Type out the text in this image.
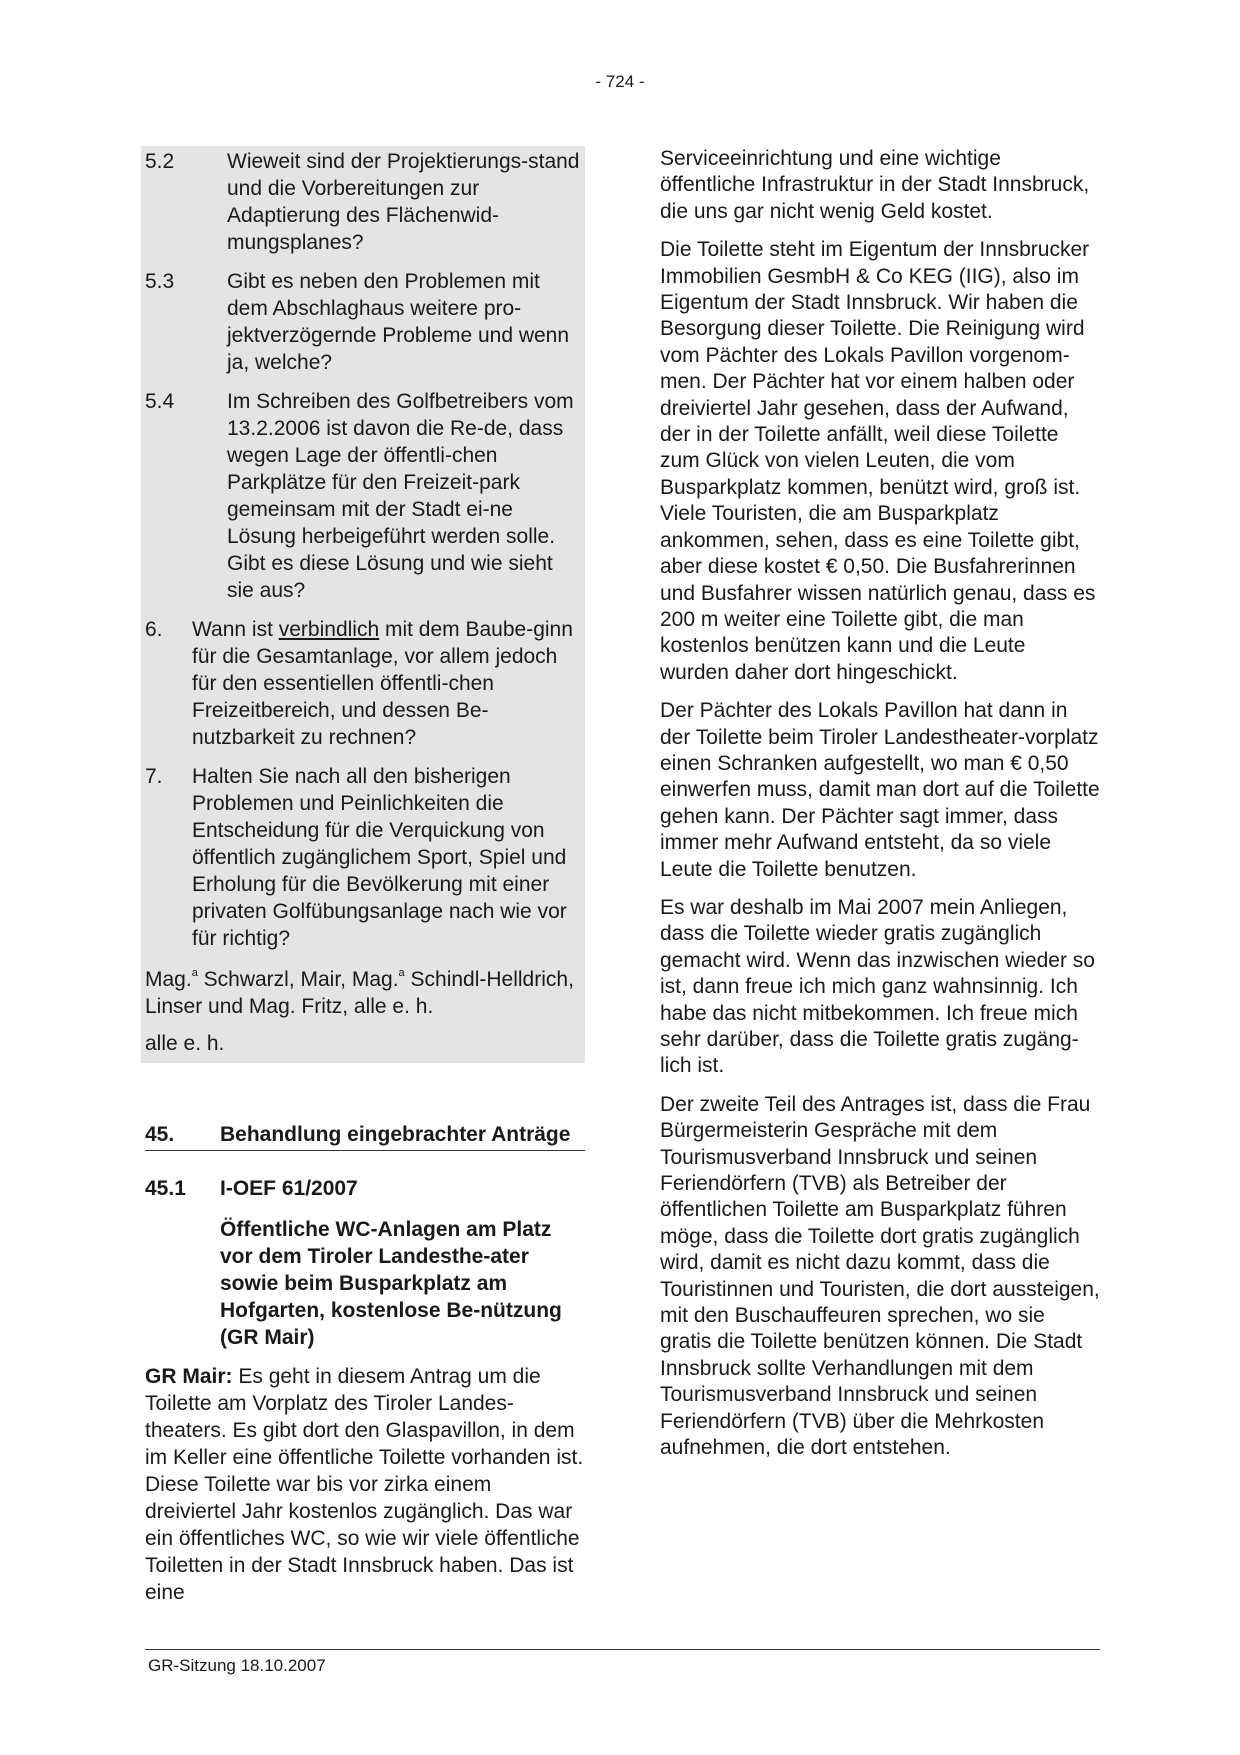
- 724 -
5.2	Wieweit sind der Projektierungs-stand und die Vorbereitungen zur Adaptierung des Flächenwid-mungsplanes?
5.3	Gibt es neben den Problemen mit dem Abschlaghaus weitere pro-jektverzögernde Probleme und wenn ja, welche?
5.4	Im Schreiben des Golfbetreibers vom 13.2.2006 ist davon die Re-de, dass wegen Lage der öffentli-chen Parkplätze für den Freizeit-park gemeinsam mit der Stadt ei-ne Lösung herbeigeführt werden solle. Gibt es diese Lösung und wie sieht sie aus?
6.	Wann ist verbindlich mit dem Baube-ginn für die Gesamtanlage, vor allem jedoch für den essentiellen öffentli-chen Freizeitbereich, und dessen Be-nutzbarkeit zu rechnen?
7.	Halten Sie nach all den bisherigen Problemen und Peinlichkeiten die Entscheidung für die Verquickung von öffentlich zugänglichem Sport, Spiel und Erholung für die Bevölkerung mit einer privaten Golfübungsanlage nach wie vor für richtig?
Mag.$^a$ Schwarzl, Mair, Mag.$^a$ Schindl-Helldrich, Linser und Mag. Fritz, alle e. h.
alle e. h.
45.	Behandlung eingebrachter Anträge
45.1	I-OEF 61/2007
Öffentliche WC-Anlagen am Platz vor dem Tiroler Landesthe-ater sowie beim Busparkplatz am Hofgarten, kostenlose Be-nützung (GR Mair)
GR Mair: Es geht in diesem Antrag um die Toilette am Vorplatz des Tiroler Landes-theaters. Es gibt dort den Glaspavillon, in dem im Keller eine öffentliche Toilette vorhanden ist. Diese Toilette war bis vor zirka einem dreiviertel Jahr kostenlos zugänglich. Das war ein öffentliches WC, so wie wir viele öffentliche Toiletten in der Stadt Innsbruck haben. Das ist eine

Serviceeinrichtung und eine wichtige öffentliche Infrastruktur in der Stadt Innsbruck, die uns gar nicht wenig Geld kostet.

Die Toilette steht im Eigentum der Innsbrucker Immobilien GesmbH & Co KEG (IIG), also im Eigentum der Stadt Innsbruck. Wir haben die Besorgung dieser Toilette. Die Reinigung wird vom Pächter des Lokals Pavillon vorgenom-men. Der Pächter hat vor einem halben oder dreiviertel Jahr gesehen, dass der Aufwand, der in der Toilette anfällt, weil diese Toilette zum Glück von vielen Leuten, die vom Busparkplatz kommen, benützt wird, groß ist. Viele Touristen, die am Busparkplatz ankommen, sehen, dass es eine Toilette gibt, aber diese kostet € 0,50. Die Busfahrerinnen und Busfahrer wissen natürlich genau, dass es 200 m weiter eine Toilette gibt, die man kostenlos benützen kann und die Leute wurden daher dort hingeschickt.

Der Pächter des Lokals Pavillon hat dann in der Toilette beim Tiroler Landestheater-vorplatz einen Schranken aufgestellt, wo man € 0,50 einwerfen muss, damit man dort auf die Toilette gehen kann. Der Pächter sagt immer, dass immer mehr Aufwand entsteht, da so viele Leute die Toilette benutzen.

Es war deshalb im Mai 2007 mein Anliegen, dass die Toilette wieder gratis zugänglich gemacht wird. Wenn das inzwischen wieder so ist, dann freue ich mich ganz wahnsinnig. Ich habe das nicht mitbekommen. Ich freue mich sehr darüber, dass die Toilette gratis zugäng-lich ist.

Der zweite Teil des Antrages ist, dass die Frau Bürgermeisterin Gespräche mit dem Tourismusverband Innsbruck und seinen Feriendörfern (TVB) als Betreiber der öffentlichen Toilette am Busparkplatz führen möge, dass die Toilette dort gratis zugänglich wird, damit es nicht dazu kommt, dass die Touristinnen und Touristen, die dort aussteigen, mit den Buschauffeuren sprechen, wo sie gratis die Toilette benützen können. Die Stadt Innsbruck sollte Verhandlungen mit dem Tourismusverband Innsbruck und seinen Feriendörfern (TVB) über die Mehrkosten aufnehmen, die dort entstehen.

GR-Sitzung 18.10.2007
